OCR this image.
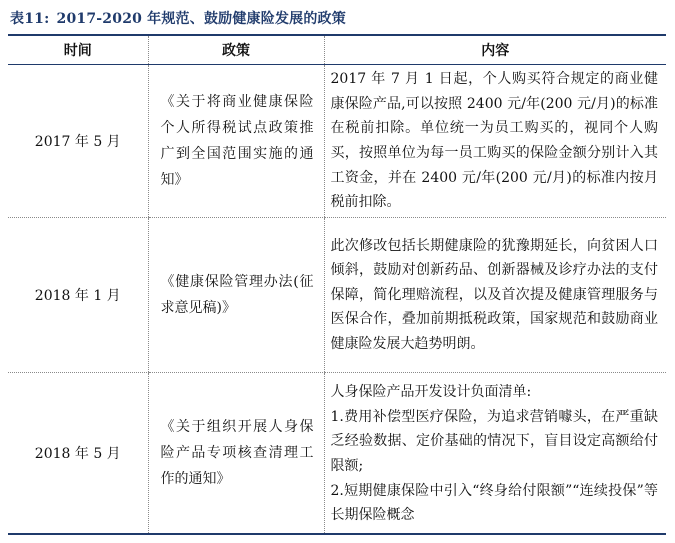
表11: 2017-2020 年规范、鼓励健康险发展的政策
时间	政策	内容
2017 年 5 月	《关于将商业健康保险个人所得税试点政策推广到全国范围实施的通知》	2017 年 7 月 1 日起，个人购买符合规定的商业健康保险产品,可以按照 2400 元/年(200 元/月)的标准在税前扣除。单位统一为员工购买的，视同个人购买，按照单位为每一员工购买的保险金额分别计入其工资金，并在 2400 元/年(200 元/月)的标准内按月税前扣除。

2018 年 1 月	《健康保险管理办法(征求意见稿)》	此次修改包括长期健康险的犹豫期延长，向贫困人口倾斜，鼓励对创新药品、创新器械及诊疗办法的支付保障，简化理赔流程，以及首次提及健康管理服务与医保合作，叠加前期抵税政策，国家规范和鼓励商业健康险发展大趋势明朗。

2018 年 5 月	《关于组织开展人身保险产品专项核查清理工作的通知》	人身保险产品开发设计负面清单:
1.费用补偿型医疗保险，为追求营销噱头，在严重缺乏经验数据、定价基础的情况下，盲目设定高额给付限额;
2.短期健康保险中引入“终身给付限额”“连续投保”等长期保险概念
